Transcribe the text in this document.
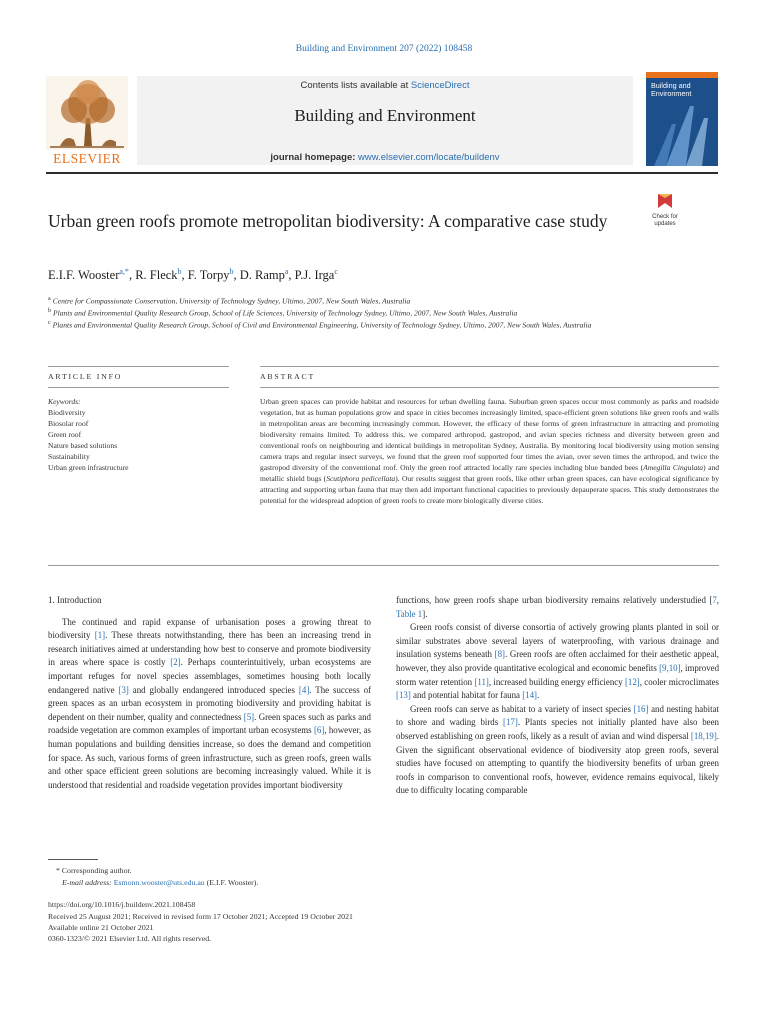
Building and Environment 207 (2022) 108458
ELSEVIER
Contents lists available at ScienceDirect
Building and Environment
journal homepage: www.elsevier.com/locate/buildenv
Building and
Environment
Urban green roofs promote metropolitan biodiversity: A comparative case study	Check for updates
E.I.F. Wooster$^{a,*}$, R. Fleck$^b$, F. Torpy$^b$, D. Ramp$^a$, P.J. Irga$^c$
$^a$ Centre for Compassionate Conservation, University of Technology Sydney, Ultimo, 2007, New South Wales, Australia
$^b$ Plants and Environmental Quality Research Group, School of Life Sciences, University of Technology Sydney, Ultimo, 2007, New South Wales, Australia
$^c$ Plants and Environmental Quality Research Group, School of Civil and Environmental Engineering, University of Technology Sydney, Ultimo, 2007, New South Wales, Australia
ARTICLE INFO	ABSTRACT
Keywords:
Biodiversity
Biosolar roof
Green roof
Nature based solutions
Sustainability
Urban green infrastructure

Urban green spaces can provide habitat and resources for urban dwelling fauna. Suburban green spaces occur most commonly as parks and roadside vegetation, but as human populations grow and space in cities becomes increasingly limited, space-efficient green solutions like green roofs and walls in metropolitan areas are becoming increasingly common. However, the efficacy of these forms of green infrastructure in attracting and promoting biodiversity remains limited. To address this, we compared arthropod, gastropod, and avian species richness and diversity between green and conventional roofs on neighbouring and identical buildings in metropolitan Sydney, Australia. By monitoring local biodiversity using motion sensing camera traps and regular insect surveys, we found that the green roof supported four times the avian, over seven times the arthropod, and twice the gastropod diversity of the conventional roof. Only the green roof attracted locally rare species including blue banded bees (Amegilla Cingulata) and metallic shield bugs (Scutiphora pedicellata). Our results suggest that green roofs, like other urban green spaces, can have ecological significance by attracting and supporting urban fauna that may then add important functional capacities to previously depauperate spaces. This study demonstrates the potential for the widespread adoption of green roofs to create more biologically diverse cities.

1. Introduction

The continued and rapid expanse of urbanisation poses a growing threat to biodiversity [1]. These threats notwithstanding, there has been an increasing trend in research initiatives aimed at understanding how best to conserve and promote biodiversity in areas where space is costly [2]. Perhaps counterintuitively, urban ecosystems are important refuges for novel species assemblages, sometimes housing both locally endangered native [3] and globally endangered introduced species [4]. The success of green spaces as an urban ecosystem in promoting biodiversity and providing habitat is dependent on their number, quality and connectedness [5]. Green spaces such as parks and roadside vegetation are common examples of important urban ecosystems [6], however, as human populations and building densities increase, so does the demand and competition for space. As such, various forms of green infrastructure, such as green roofs, green walls and other space efficient green solutions are becoming increasingly valued. While it is understood that residential and roadside vegetation provides important biodiversity

functions, how green roofs shape urban biodiversity remains relatively understudied [7, Table 1].

Green roofs consist of diverse consortia of actively growing plants planted in soil or similar substrates above several layers of waterproofing, with various drainage and insulation systems beneath [8]. Green roofs are often acclaimed for their aesthetic appeal, however, they also provide quantitative ecological and economic benefits [9,10], improved storm water retention [11], increased building energy efficiency [12], cooler microclimates [13] and potential habitat for fauna [14].

Green roofs can serve as habitat to a variety of insect species [16] and nesting habitat to shore and wading birds [17]. Plants species not initially planted have also been observed establishing on green roofs, likely as a result of avian and wind dispersal [18,19]. Given the significant observational evidence of biodiversity atop green roofs, several studies have focused on attempting to quantify the biodiversity benefits of urban green roofs in comparison to conventional roofs, however, evidence remains equivocal, likely due to difficulty locating comparable

* Corresponding author.
E-mail address: Esmonn.wooster@uts.edu.au (E.I.F. Wooster).
https://doi.org/10.1016/j.buildenv.2021.108458
Received 25 August 2021; Received in revised form 17 October 2021; Accepted 19 October 2021
Available online 21 October 2021
0360-1323/© 2021 Elsevier Ltd. All rights reserved.
